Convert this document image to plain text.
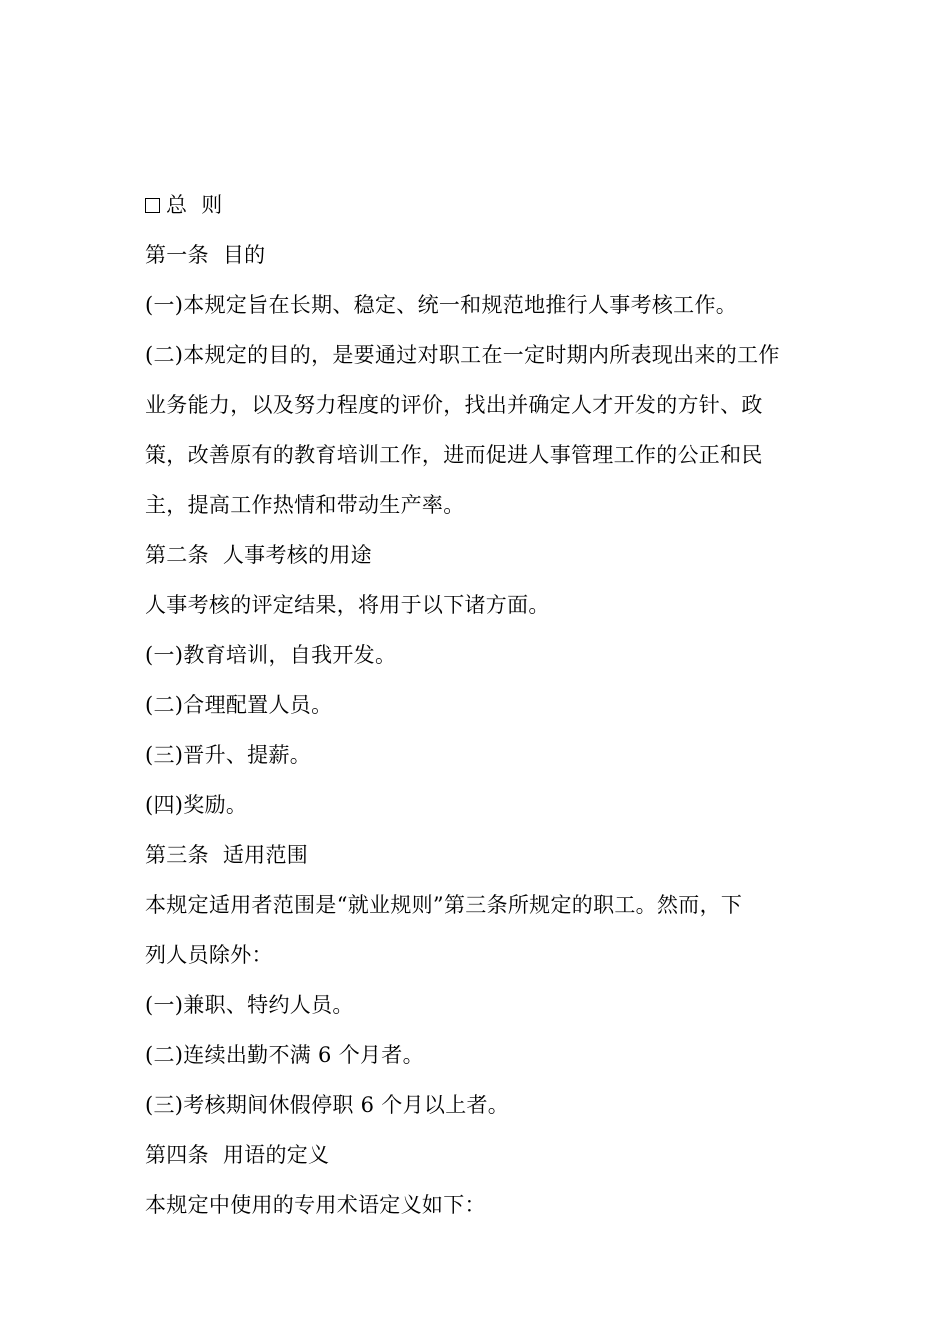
总  则
第一条  目的
(一)本规定旨在长期、稳定、统一和规范地推行人事考核工作。
(二)本规定的目的，是要通过对职工在一定时期内所表现出来的工作
业务能力，以及努力程度的评价，找出并确定人才开发的方针、政
策，改善原有的教育培训工作，进而促进人事管理工作的公正和民
主，提高工作热情和带动生产率。
第二条  人事考核的用途
人事考核的评定结果，将用于以下诸方面。
(一)教育培训，自我开发。
(二)合理配置人员。
(三)晋升、提薪。
(四)奖励。
第三条  适用范围
本规定适用者范围是“就业规则”第三条所规定的职工。然而，下
列人员除外：
(一)兼职、特约人员。
(二)连续出勤不满 6 个月者。
(三)考核期间休假停职 6 个月以上者。
第四条  用语的定义
本规定中使用的专用术语定义如下：
